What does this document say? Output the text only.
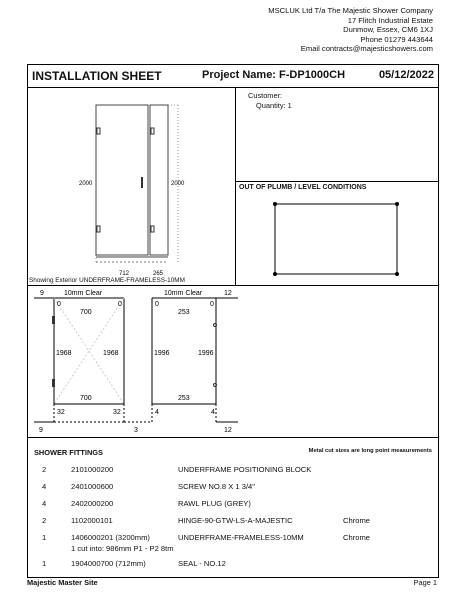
MSCLUK Ltd T/a The Majestic Shower Company
17 Flitch Industrial Estate
Dunmow, Essex, CM6 1XJ
Phone 01279 443644
Email contracts@majesticshowers.com
INSTALLATION SHEET	Project Name: F-DP1000CH	05/12/2022
Customer:
Quantity: 1
OUT OF PLUMB / LEVEL CONDITIONS
2000	2000
712	265
Showing Exterior UNDERFRAME-FRAMELESS-10MM
9	10mm Clear
0	0
700
1968	1968
700
32	32
9	3
10mm Clear	12
0	0
253
1996	1996
253
4	4
12
SHOWER FITTINGS	Metal cut sizes are long point measurements
2	2101000200	UNDERFRAME POSITIONING BLOCK
4	2401000600	SCREW NO.8 X 1 3/4"
4	2402000200	RAWL PLUG (GREY)
2	1102000101	HINGE-90-GTW-LS-A-MAJESTIC	Chrome
1	1406000201 (3200mm)	UNDERFRAME-FRAMELESS-10MM	Chrome
1 cut into: 986mm P1 - P2 8tm
1	1904000700 (712mm)	SEAL - NO.12
Majestic Master Site	Page 1
